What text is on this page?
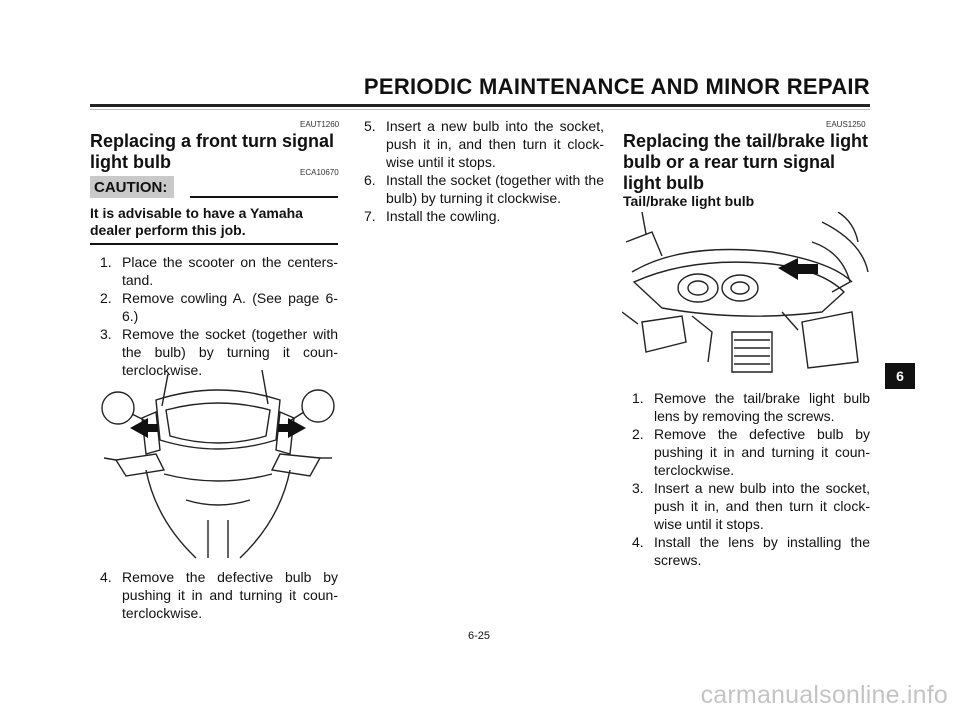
PERIODIC MAINTENANCE AND MINOR REPAIR
EAUT1260
Replacing a front turn signal
light bulb
ECA10670
CAUTION:
It is advisable to have a Yamaha dealer perform this job.
1. Place the scooter on the centers-tand.
2. Remove cowling A. (See page 6-6.)
3. Remove the socket (together with the bulb) by turning it coun-terclockwise.
4. Remove the defective bulb by pushing it in and turning it coun-terclockwise.
5. Insert a new bulb into the socket, push it in, and then turn it clock-wise until it stops.
6. Install the socket (together with the bulb) by turning it clockwise.
7. Install the cowling.
EAUS1250
Replacing the tail/brake light
bulb or a rear turn signal
light bulb
Tail/brake light bulb
1. Remove the tail/brake light bulb lens by removing the screws.
2. Remove the defective bulb by pushing it in and turning it coun-terclockwise.
3. Insert a new bulb into the socket, push it in, and then turn it clock-wise until it stops.
4. Install the lens by installing the screws.
6
6-25
carmanualsonline.info
